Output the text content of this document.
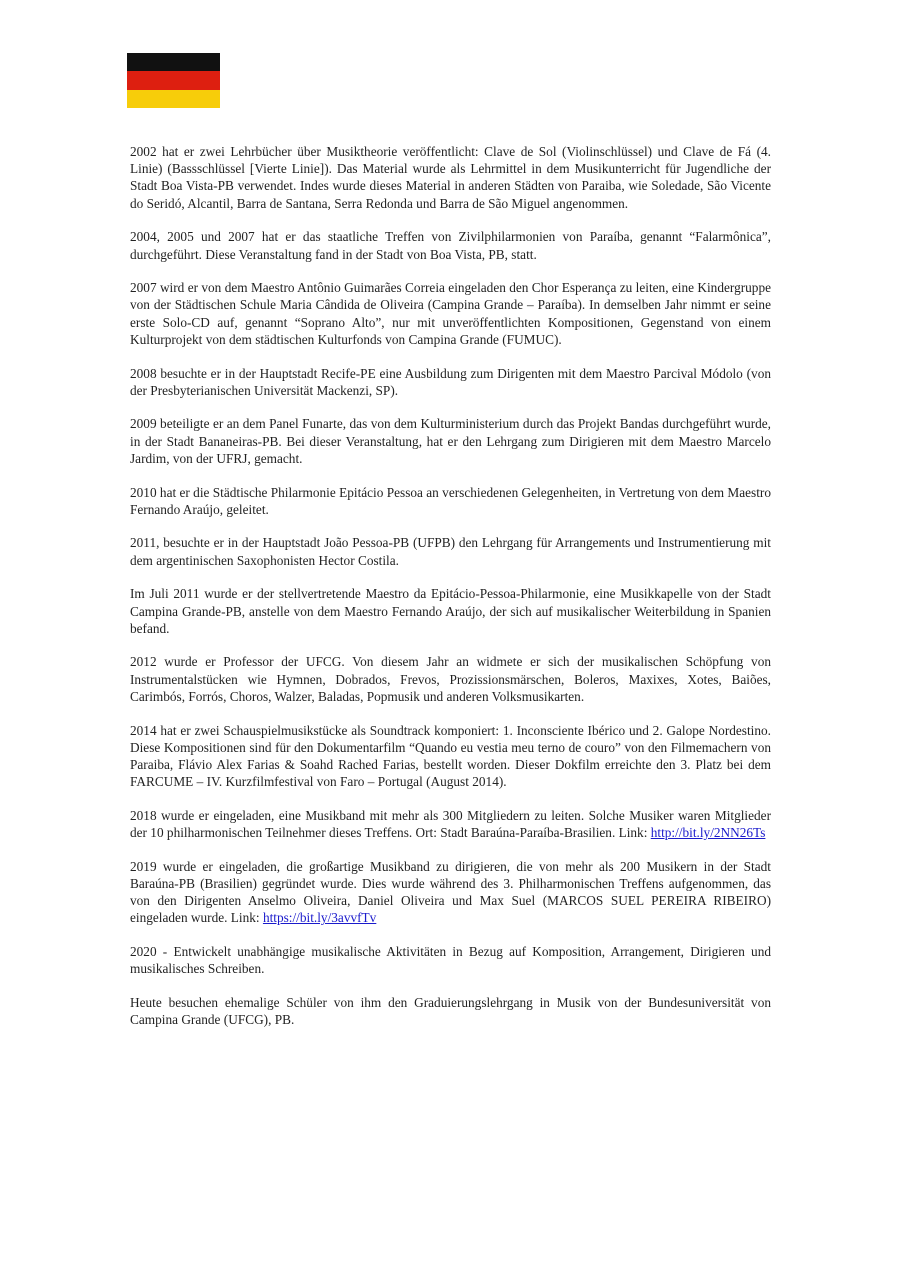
2002 hat er zwei Lehrbücher über Musiktheorie veröffentlicht: Clave de Sol (Violinschlüssel) und Clave de Fá (4. Linie) (Bassschlüssel [Vierte Linie]). Das Material wurde als Lehrmittel in dem Musikunterricht für Jugendliche der Stadt Boa Vista-PB verwendet. Indes wurde dieses Material in anderen Städten von Paraiba, wie Soledade, São Vicente do Seridó, Alcantil, Barra de Santana, Serra Redonda und Barra de São Miguel angenommen.

2004, 2005 und 2007 hat er das staatliche Treffen von Zivilphilarmonien von Paraíba, genannt “Falarmônica”, durchgeführt. Diese Veranstaltung fand in der Stadt von Boa Vista, PB, statt.

2007 wird er von dem Maestro Antônio Guimarães Correia eingeladen den Chor Esperança zu leiten, eine Kindergruppe von der Städtischen Schule Maria Cândida de Oliveira (Campina Grande – Paraíba). In demselben Jahr nimmt er seine erste Solo-CD auf, genannt “Soprano Alto”, nur mit unveröffentlichten Kompositionen, Gegenstand von einem Kulturprojekt von dem städtischen Kulturfonds von Campina Grande (FUMUC).

2008 besuchte er in der Hauptstadt Recife-PE eine Ausbildung zum Dirigenten mit dem Maestro Parcival Módolo (von der Presbyterianischen Universität Mackenzi, SP).

2009 beteiligte er an dem Panel Funarte, das von dem Kulturministerium durch das Projekt Bandas durchgeführt wurde, in der Stadt Bananeiras-PB. Bei dieser Veranstaltung, hat er den Lehrgang zum Dirigieren mit dem Maestro Marcelo Jardim, von der UFRJ, gemacht.

2010 hat er die Städtische Philarmonie Epitácio Pessoa an verschiedenen Gelegenheiten, in Vertretung von dem Maestro Fernando Araújo, geleitet.

2011, besuchte er in der Hauptstadt João Pessoa-PB (UFPB) den Lehrgang für Arrangements und Instrumentierung mit dem argentinischen Saxophonisten Hector Costila.

Im Juli 2011 wurde er der stellvertretende Maestro da Epitácio-Pessoa-Philarmonie, eine Musikkapelle von der Stadt Campina Grande-PB, anstelle von dem Maestro Fernando Araújo, der sich auf musikalischer Weiterbildung in Spanien befand.

2012 wurde er Professor der UFCG. Von diesem Jahr an widmete er sich der musikalischen Schöpfung von Instrumentalstücken wie Hymnen, Dobrados, Frevos, Prozissionsmärschen, Boleros, Maxixes, Xotes, Baiões, Carimbós, Forrós, Choros, Walzer, Baladas, Popmusik und anderen Volksmusikarten.

2014 hat er zwei Schauspielmusikstücke als Soundtrack komponiert: 1. Inconsciente Ibérico und 2. Galope Nordestino. Diese Kompositionen sind für den Dokumentarfilm “Quando eu vestia meu terno de couro” von den Filmemachern von Paraiba, Flávio Alex Farias & Soahd Rached Farias, bestellt worden. Dieser Dokfilm erreichte den 3. Platz bei dem FARCUME – IV. Kurzfilmfestival von Faro – Portugal (August 2014).

2018 wurde er eingeladen, eine Musikband mit mehr als 300 Mitgliedern zu leiten. Solche Musiker waren Mitglieder der 10 philharmonischen Teilnehmer dieses Treffens. Ort: Stadt Baraúna-Paraíba-Brasilien. Link: http://bit.ly/2NN26Ts

2019 wurde er eingeladen, die großartige Musikband zu dirigieren, die von mehr als 200 Musikern in der Stadt Baraúna-PB (Brasilien) gegründet wurde. Dies wurde während des 3. Philharmonischen Treffens aufgenommen, das von den Dirigenten Anselmo Oliveira, Daniel Oliveira und Max Suel (MARCOS SUEL PEREIRA RIBEIRO) eingeladen wurde. Link: https://bit.ly/3avvfTv

2020 - Entwickelt unabhängige musikalische Aktivitäten in Bezug auf Komposition, Arrangement, Dirigieren und musikalisches Schreiben.

Heute besuchen ehemalige Schüler von ihm den Graduierungslehrgang in Musik von der Bundesuniversität von Campina Grande (UFCG), PB.
